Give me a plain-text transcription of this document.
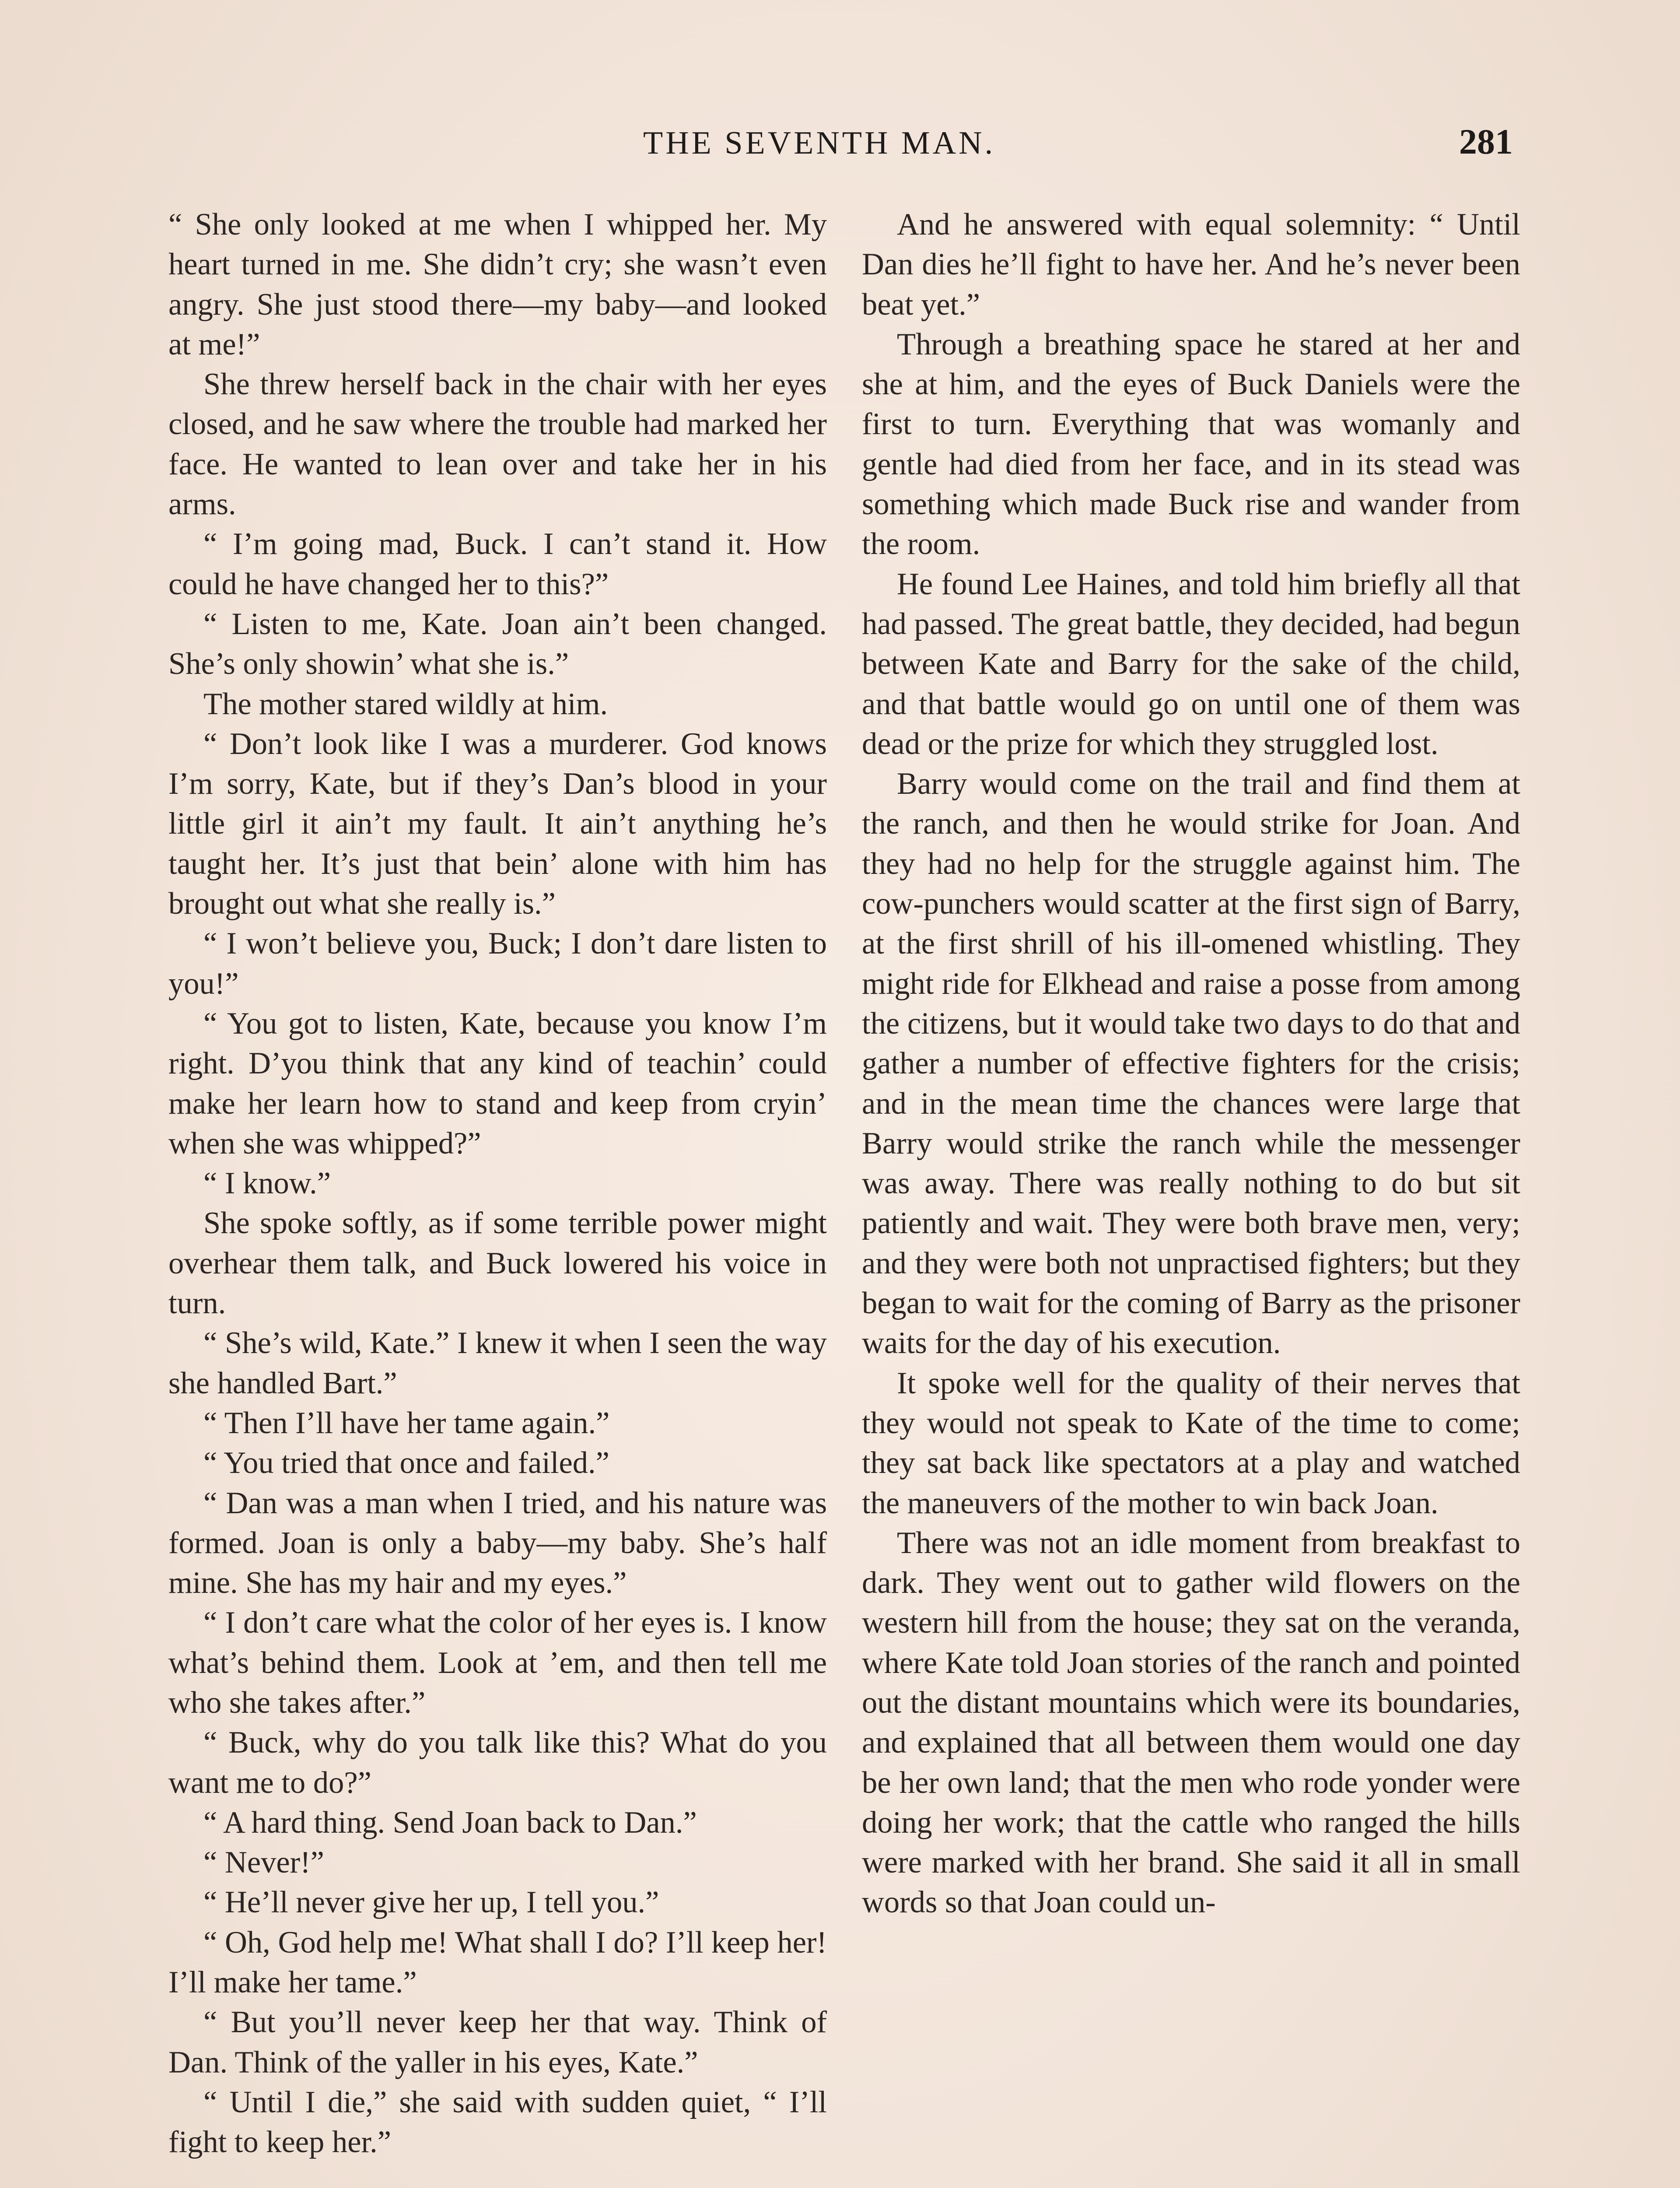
THE SEVENTH MAN.	281

“ She only looked at me when I whipped her. My heart turned in me. She didn’t cry; she wasn’t even angry. She just stood there—my baby—and looked at me!”

She threw herself back in the chair with her eyes closed, and he saw where the trouble had marked her face. He wanted to lean over and take her in his arms.

“ I’m going mad, Buck. I can’t stand it. How could he have changed her to this?”

“ Listen to me, Kate. Joan ain’t been changed. She’s only showin’ what she is.”

The mother stared wildly at him.

“ Don’t look like I was a murderer. God knows I’m sorry, Kate, but if they’s Dan’s blood in your little girl it ain’t my fault. It ain’t anything he’s taught her. It’s just that bein’ alone with him has brought out what she really is.”

“ I won’t believe you, Buck; I don’t dare listen to you!”

“ You got to listen, Kate, because you know I’m right. D’you think that any kind of teachin’ could make her learn how to stand and keep from cryin’ when she was whipped?”

“ I know.”

She spoke softly, as if some terrible power might overhear them talk, and Buck lowered his voice in turn.

“ She’s wild, Kate.” I knew it when I seen the way she handled Bart.”

“ Then I’ll have her tame again.”

“ You tried that once and failed.”

“ Dan was a man when I tried, and his nature was formed. Joan is only a baby—my baby. She’s half mine. She has my hair and my eyes.”

“ I don’t care what the color of her eyes is. I know what’s behind them. Look at ’em, and then tell me who she takes after.”

“ Buck, why do you talk like this? What do you want me to do?”

“ A hard thing. Send Joan back to Dan.”

“ Never!”

“ He’ll never give her up, I tell you.”

“ Oh, God help me! What shall I do? I’ll keep her! I’ll make her tame.”

“ But you’ll never keep her that way. Think of Dan. Think of the yaller in his eyes, Kate.”

“ Until I die,” she said with sudden quiet, “ I’ll fight to keep her.”

And he answered with equal solemnity: “ Until Dan dies he’ll fight to have her. And he’s never been beat yet.”

Through a breathing space he stared at her and she at him, and the eyes of Buck Daniels were the first to turn. Everything that was womanly and gentle had died from her face, and in its stead was something which made Buck rise and wander from the room.

He found Lee Haines, and told him briefly all that had passed. The great battle, they decided, had begun between Kate and Barry for the sake of the child, and that battle would go on until one of them was dead or the prize for which they struggled lost.

Barry would come on the trail and find them at the ranch, and then he would strike for Joan. And they had no help for the struggle against him. The cow-punchers would scatter at the first sign of Barry, at the first shrill of his ill-omened whistling. They might ride for Elkhead and raise a posse from among the citizens, but it would take two days to do that and gather a number of effective fighters for the crisis; and in the mean time the chances were large that Barry would strike the ranch while the messenger was away. There was really nothing to do but sit patiently and wait. They were both brave men, very; and they were both not unpractised fighters; but they began to wait for the coming of Barry as the prisoner waits for the day of his execution.

It spoke well for the quality of their nerves that they would not speak to Kate of the time to come; they sat back like spectators at a play and watched the maneuvers of the mother to win back Joan.

There was not an idle moment from breakfast to dark. They went out to gather wild flowers on the western hill from the house; they sat on the veranda, where Kate told Joan stories of the ranch and pointed out the distant mountains which were its boundaries, and explained that all between them would one day be her own land; that the men who rode yonder were doing her work; that the cattle who ranged the hills were marked with her brand. She said it all in small words so that Joan could un-
